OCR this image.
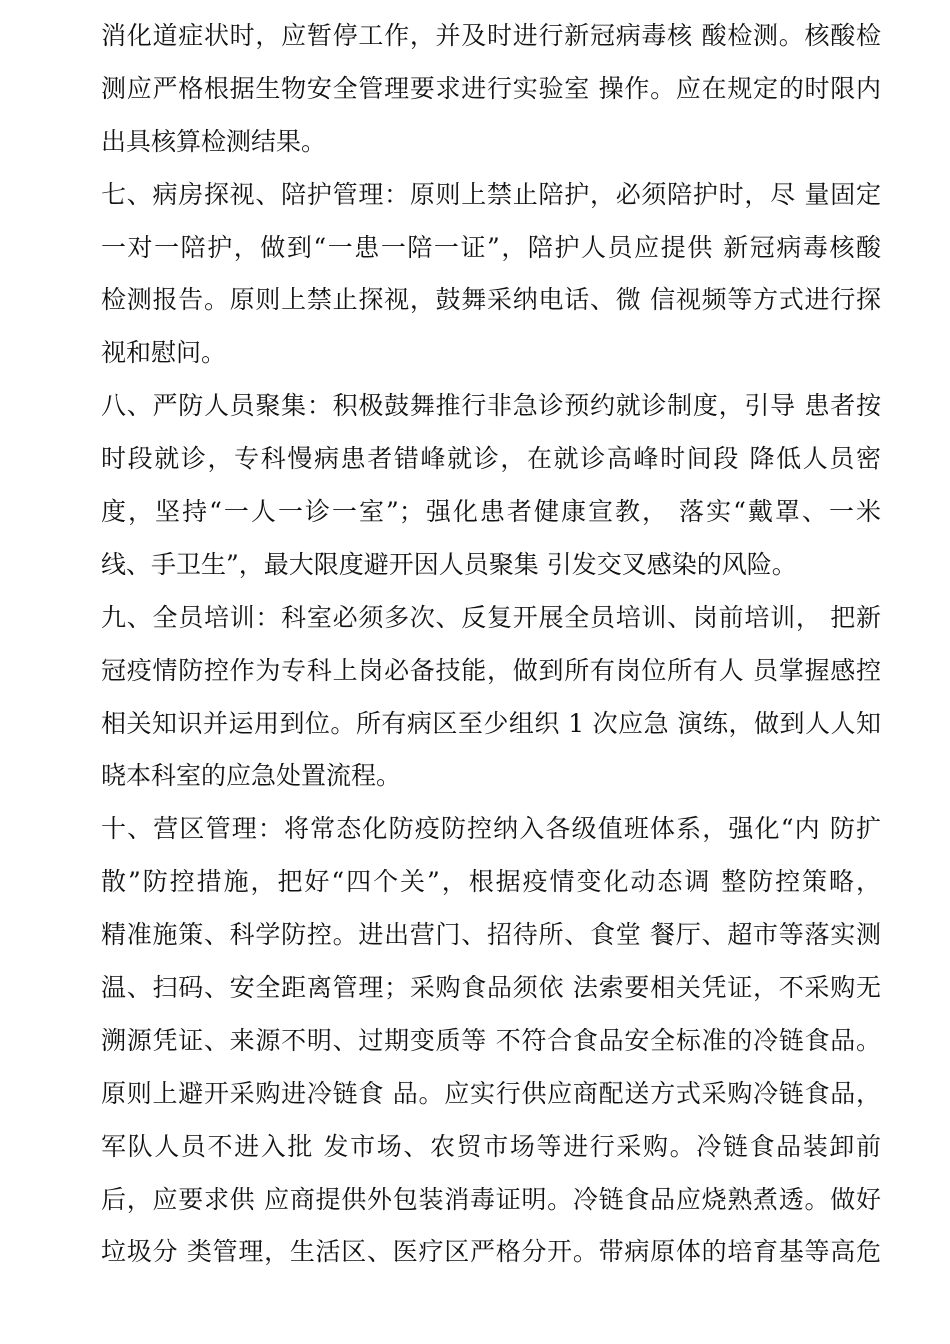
消化道症状时，应暂停工作，并及时进行新冠病毒核 酸检测。核酸检
测应严格根据生物安全管理要求进行实验室 操作。应在规定的时限内
出具核算检测结果。
七、病房探视、陪护管理：原则上禁止陪护，必须陪护时，尽 量固定
一对一陪护，做到“一患一陪一证”，陪护人员应提供 新冠病毒核酸
检测报告。原则上禁止探视，鼓舞采纳电话、微 信视频等方式进行探
视和慰问。
八、严防人员聚集：积极鼓舞推行非急诊预约就诊制度，引导 患者按
时段就诊，专科慢病患者错峰就诊，在就诊高峰时间段 降低人员密
度，坚持“一人一诊一室”；强化患者健康宣教， 落实“戴罩、一米
线、手卫生”，最大限度避开因人员聚集 引发交叉感染的风险。
九、全员培训：科室必须多次、反复开展全员培训、岗前培训， 把新
冠疫情防控作为专科上岗必备技能，做到所有岗位所有人 员掌握感控
相关知识并运用到位。所有病区至少组织 1 次应急 演练，做到人人知
晓本科室的应急处置流程。
十、营区管理：将常态化防疫防控纳入各级值班体系，强化“内 防扩
散”防控措施，把好“四个关”，根据疫情变化动态调 整防控策略，
精准施策、科学防控。进出营门、招待所、食堂 餐厅、超市等落实测
温、扫码、安全距离管理；采购食品须依 法索要相关凭证，不采购无
溯源凭证、来源不明、过期变质等 不符合食品安全标准的冷链食品。
原则上避开采购进冷链食 品。应实行供应商配送方式采购冷链食品，
军队人员不进入批 发市场、农贸市场等进行采购。冷链食品装卸前
后，应要求供 应商提供外包装消毒证明。冷链食品应烧熟煮透。做好
垃圾分 类管理，生活区、医疗区严格分开。带病原体的培育基等高危
